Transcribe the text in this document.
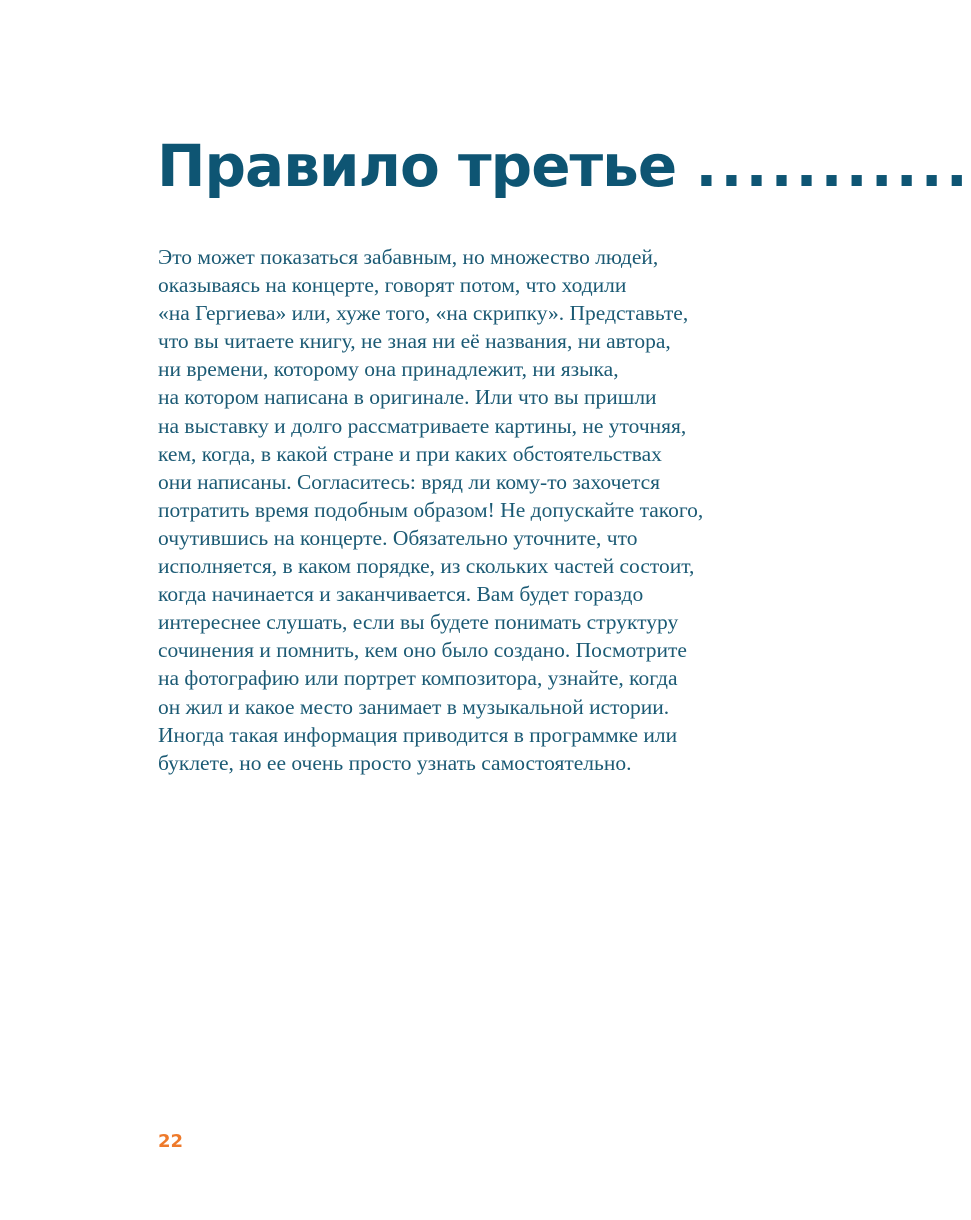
Правило третье ...........

Это может показаться забавным, но множество людей,
оказываясь на концерте, говорят потом, что ходили
«на Гергиева» или, хуже того, «на скрипку». Представьте,
что вы читаете книгу, не зная ни её названия, ни автора,
ни времени, которому она принадлежит, ни языка,
на котором написана в оригинале. Или что вы пришли
на выставку и долго рассматриваете картины, не уточняя,
кем, когда, в какой стране и при каких обстоятельствах
они написаны. Согласитесь: вряд ли кому-то захочется
потратить время подобным образом! Не допускайте такого,
очутившись на концерте. Обязательно уточните, что
исполняется, в каком порядке, из скольких частей состоит,
когда начинается и заканчивается. Вам будет гораздо
интереснее слушать, если вы будете понимать структуру
сочинения и помнить, кем оно было создано. Посмотрите
на фотографию или портрет композитора, узнайте, когда
он жил и какое место занимает в музыкальной истории.
Иногда такая информация приводится в программке или
буклете, но ее очень просто узнать самостоятельно.

22
